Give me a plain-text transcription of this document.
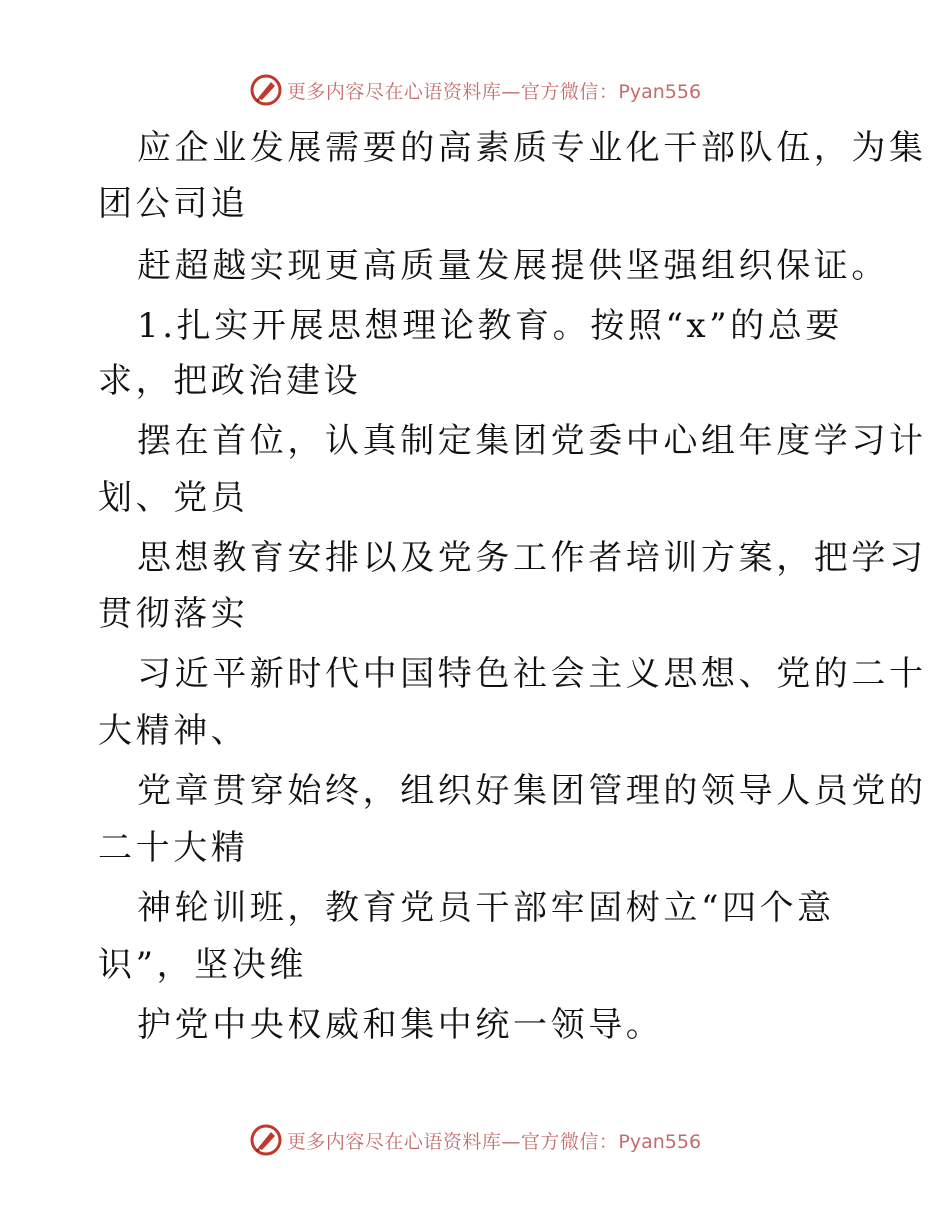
更多内容尽在心语资料库—官方微信：Pyan556
应企业发展需要的高素质专业化干部队伍，为集
团公司追
赶超越实现更高质量发展提供坚强组织保证。
1.扎实开展思想理论教育。按照“x”的总要
求，把政治建设
摆在首位，认真制定集团党委中心组年度学习计
划、党员
思想教育安排以及党务工作者培训方案，把学习
贯彻落实
习近平新时代中国特色社会主义思想、党的二十
大精神、
党章贯穿始终，组织好集团管理的领导人员党的
二十大精
神轮训班，教育党员干部牢固树立“四个意
识”，坚决维
护党中央权威和集中统一领导。
更多内容尽在心语资料库—官方微信：Pyan556
